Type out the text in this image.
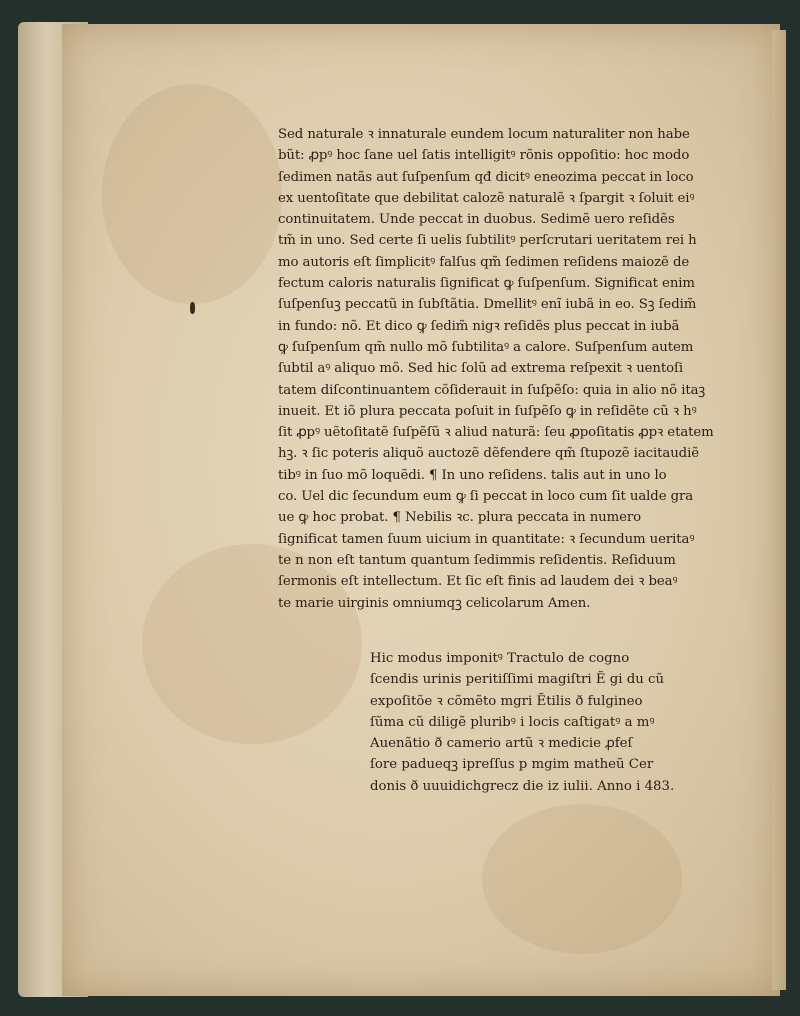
Sed naturale ꝛ innaturale eundem locum naturaliter non habe
bũt: ꝓpꝰ hoc ſane uel ſatis intelligitꝰ rõnis oppoſitio: hoc modo
ſedimen natãs aut ſuſpenſum qđ dicitꝰ eneozima peccat in loco
ex uentoſitate que debilitat calozẽ naturalẽ ꝛ ſpargit ꝛ ſoluit eiꝰ
continuitatem. Unde peccat in duobus. Sedimẽ uero reſidẽs
tm̃ in uno. Sed certe ſi uelis ſubtilitꝰ perſcrutari ueritatem rei h
mo autoris eſt ſimplicitꝰ falſus qm̃ ſedimen reſidens maiozẽ de
fectum caloris naturalis ſignificat ꝙ ſuſpenſum. Significat enim
ſuſpenſuꝫ peccatũ in ſubſtãtia. Dmellitꝰ enĩ iubã in eo. Sꝫ ſedim̃
in fundo: nõ. Et dico ꝙ ſedim̃ nigꝛ reſidẽs plus peccat in iubã
ꝙ ſuſpenſum qm̃ nullo mõ ſubtilitaꝰ a calore. Suſpenſum autem
ſubtil aꝰ aliquo mõ. Sed hic ſolũ ad extrema reſpexit ꝛ uentoſi
tatem diſcontinuantem cõſiderauit in ſuſpẽſo: quia in alio nõ itaꝫ
inueit. Et iõ plura peccata poſuit in ſuſpẽſo ꝙ in reſidẽte cũ ꝛ hꝰ
ſit ꝓpꝰ uẽtoſitatẽ ſuſpẽſũ ꝛ aliud naturã: ſeu ꝓpoſitatis ꝓpꝛ etatem
hꝫ. ꝛ ſic poteris aliquõ auctozẽ dẽfendere qm̃ ſtupozẽ iacitaudiẽ
tibꝰ in ſuo mõ loquẽdi. ¶ In uno reſidens. talis aut in uno lo
co. Uel dic ſecundum eum ꝙ ſi peccat in loco cum ſit ualde gra
ue ꝙ hoc probat. ¶ Nebilis ꝛc. plura peccata in numero
ſignificat tamen ſuum uicium in quantitate: ꝛ ſecundum ueritaꝰ
te n non eſt tantum quantum ſedimmis reſidentis. Reſiduum
ſermonis eſt intellectum. Et ſic eſt finis ad laudem dei ꝛ beaꝰ
te marie uirginis omniumqꝫ celicolarum Amen.
Hic modus imponitꝰ Tractulo de cogno
ſcendis urinis peritiſſimi magiſtri Ẽ gi du cũ
expoſitõe ꝛ cõmẽto mgri Ẽtilis ð fulgineo
ſũma cũ diligẽ pluribꝰ i locis caſtigatꝰ a mꝰ
Auenãtio ð camerio artũ ꝛ medicie ꝓfeſ
ſore padueqꝫ ipreſſus p mgim matheũ Cer
donis ð uuuidichgrecz die iz iulii. Anno i 483.
